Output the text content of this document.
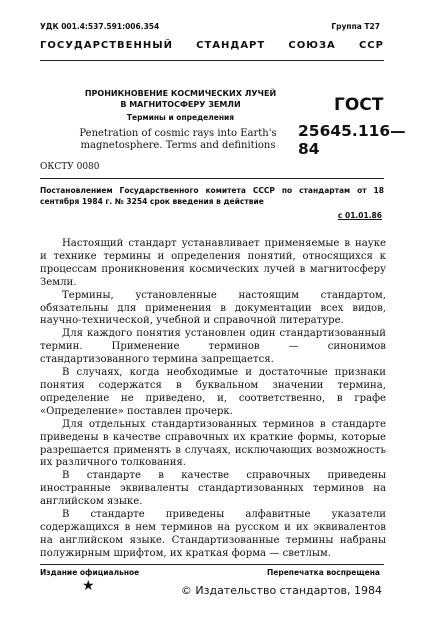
УДК 001.4:537.591:006.354	Группа Т27
ГОСУДАРСТВЕННЫЙ СТАНДАРТ СОЮЗА ССР
ПРОНИКНОВЕНИЕ КОСМИЧЕСКИХ ЛУЧЕЙ
В МАГНИТОСФЕРУ ЗЕМЛИ
Термины и определения
Penetration of cosmic rays into Earth's
magnetosphere. Terms and definitions
ГОСТ
25645.116—84
ОКСТУ 0080
Постановлением Государственного комитета СССР по стандартам от 18 сентября 1984 г. № 3254 срок введения в действие
с 01.01.86

Настоящий стандарт устанавливает применяемые в науке и технике термины и определения понятий, относящихся к процессам проникновения космических лучей в магнитосферу Земли.

Термины, установленные настоящим стандартом, обязательны для применения в документации всех видов, научно-технической, учебной и справочной литературе.

Для каждого понятия установлен один стандартизованный термин. Применение терминов — синонимов стандартизованного термина запрещается.

В случаях, когда необходимые и достаточные признаки понятия содержатся в буквальном значении термина, определение не приведено, и, соответственно, в графе «Определение» поставлен прочерк.

Для отдельных стандартизованных терминов в стандарте приведены в качестве справочных их краткие формы, которые разрешается применять в случаях, исключающих возможность их различного толкования.

В стандарте в качестве справочных приведены иностранные эквиваленты стандартизованных терминов на английском языке.

В стандарте приведены алфавитные указатели содержащихся в нем терминов на русском и их эквивалентов на английском языке. Стандартизованные термины набраны полужирным шрифтом, их краткая форма — светлым.

Издание официальное	Перепечатка воспрещена
★	© Издательство стандартов, 1984
